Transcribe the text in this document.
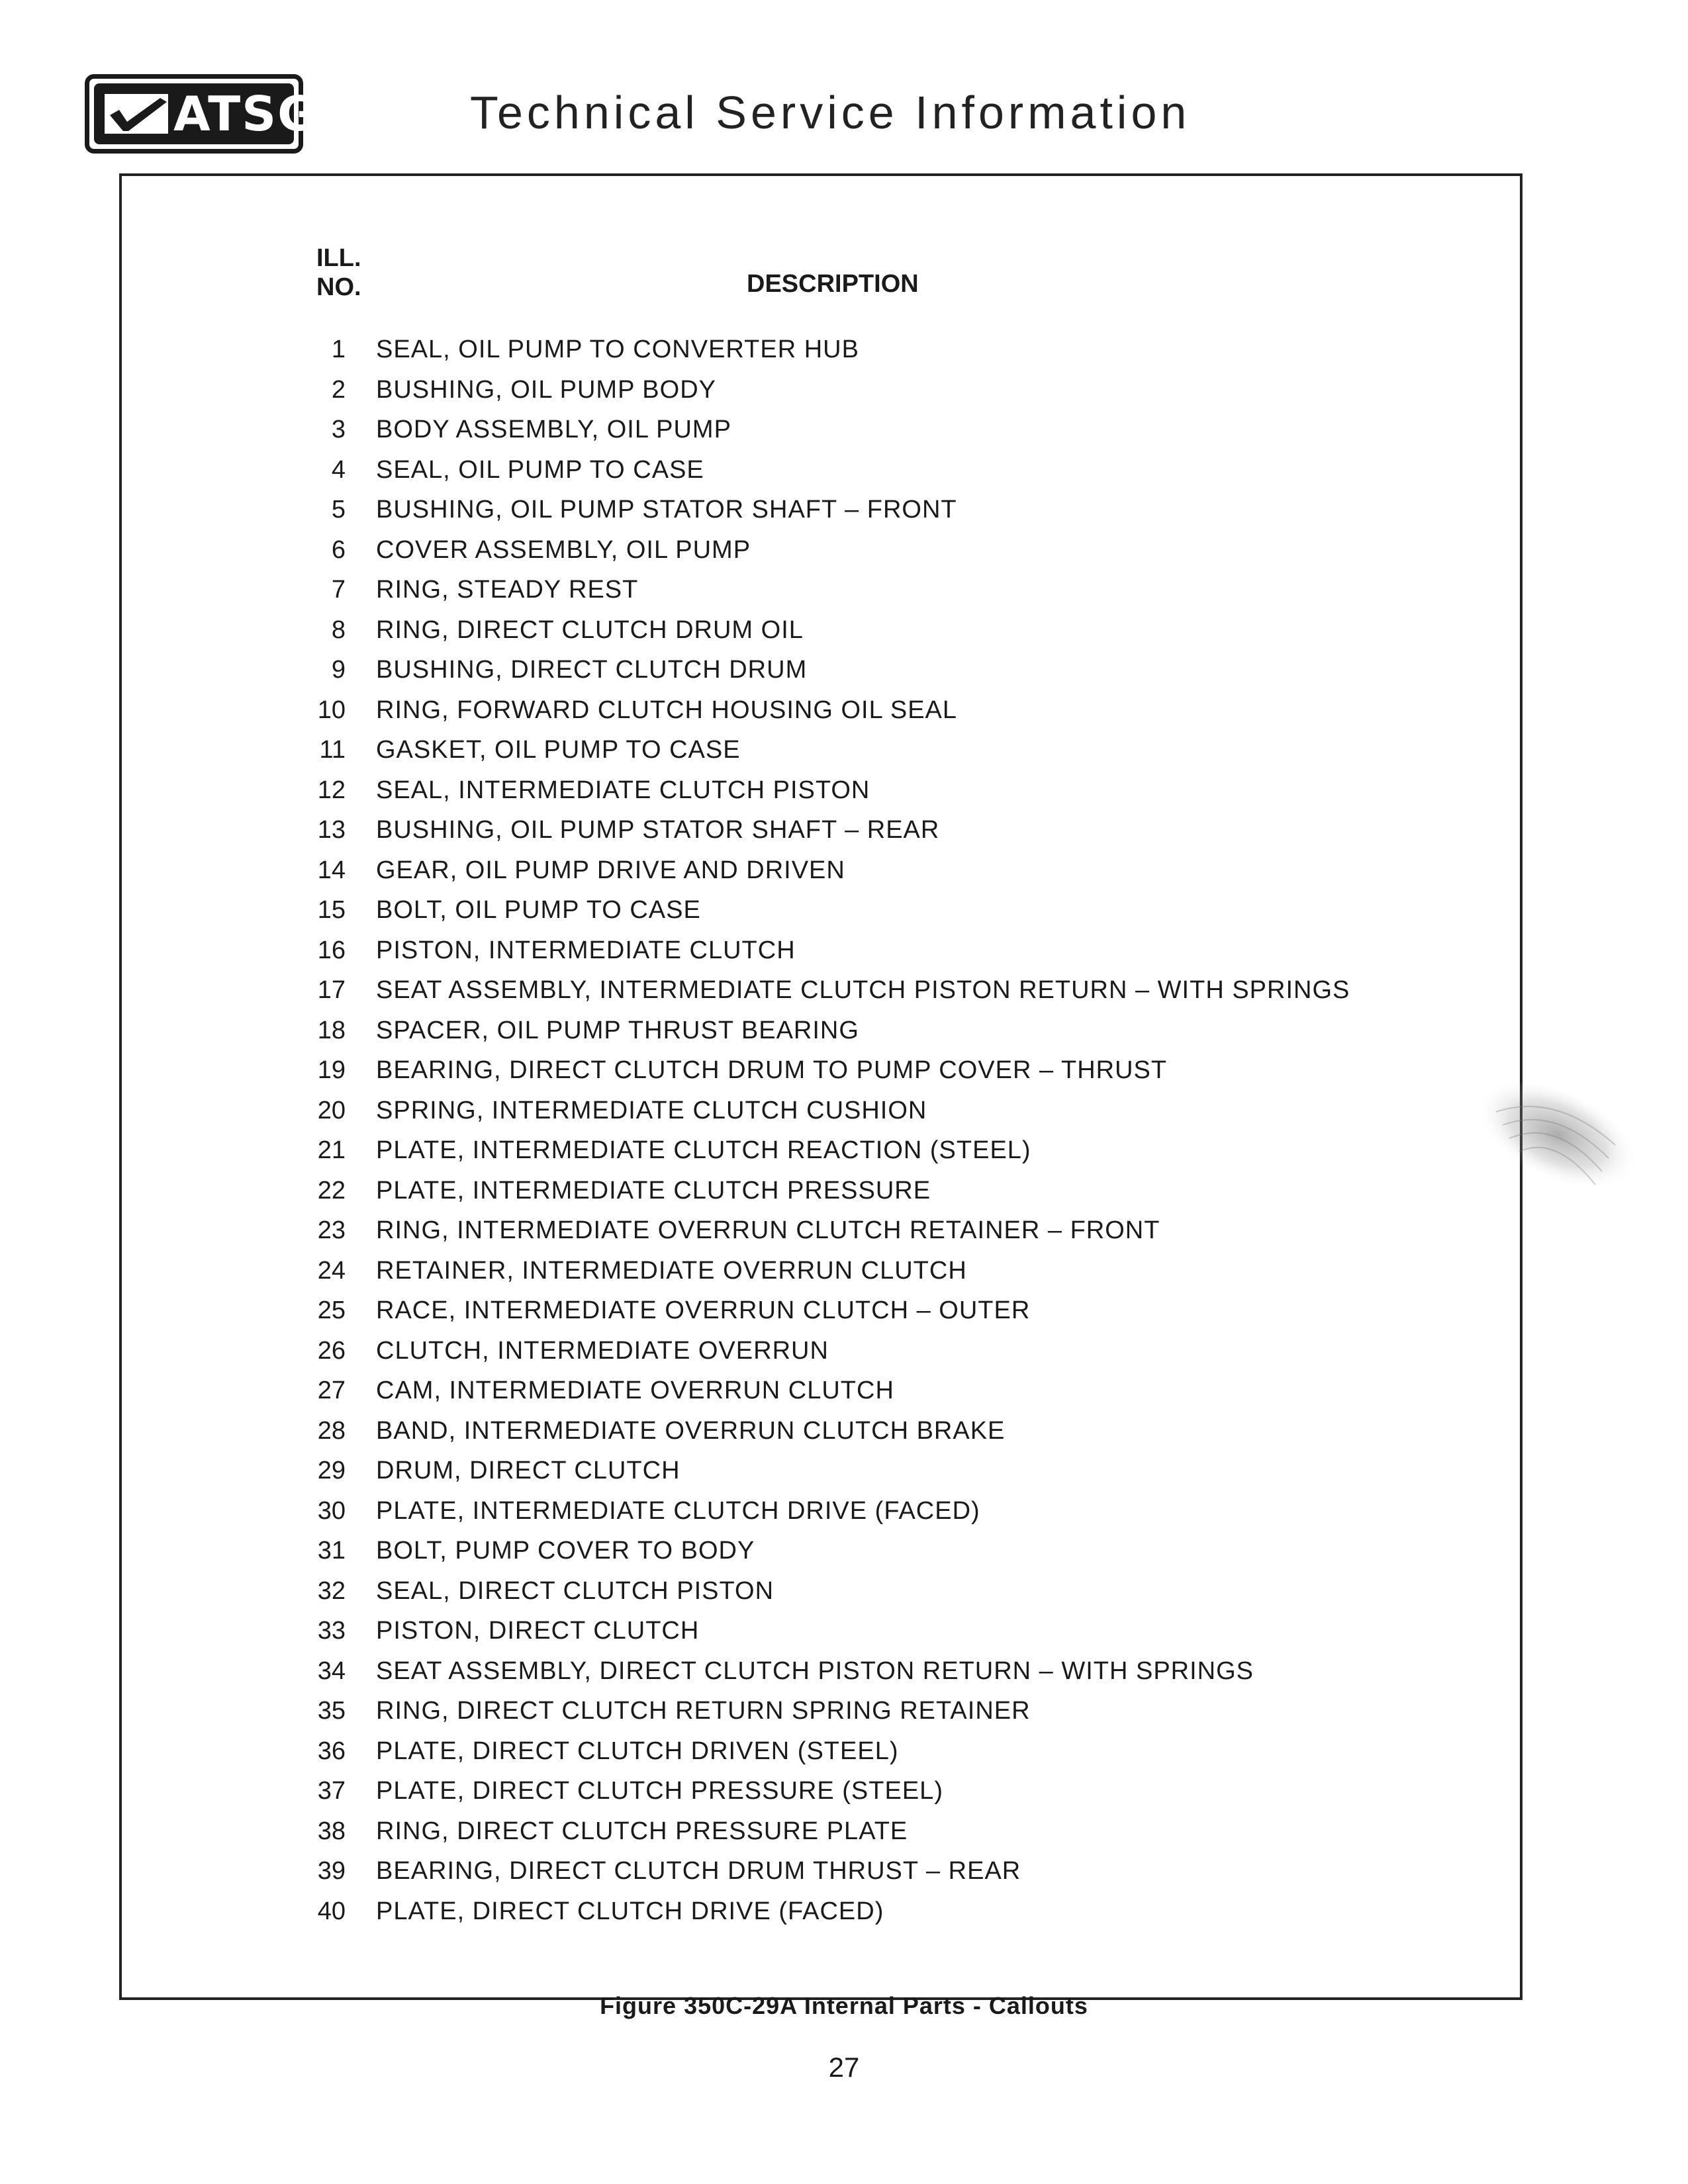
ATSG	Technical Service Information
ILL.
NO.	DESCRIPTION
1 SEAL, OIL PUMP TO CONVERTER HUB
2 BUSHING, OIL PUMP BODY
3 BODY ASSEMBLY, OIL PUMP
4 SEAL, OIL PUMP TO CASE
5 BUSHING, OIL PUMP STATOR SHAFT – FRONT
6 COVER ASSEMBLY, OIL PUMP
7 RING, STEADY REST
8 RING, DIRECT CLUTCH DRUM OIL
9 BUSHING, DIRECT CLUTCH DRUM
10 RING, FORWARD CLUTCH HOUSING OIL SEAL
11 GASKET, OIL PUMP TO CASE
12 SEAL, INTERMEDIATE CLUTCH PISTON
13 BUSHING, OIL PUMP STATOR SHAFT – REAR
14 GEAR, OIL PUMP DRIVE AND DRIVEN
15 BOLT, OIL PUMP TO CASE
16 PISTON, INTERMEDIATE CLUTCH
17 SEAT ASSEMBLY, INTERMEDIATE CLUTCH PISTON RETURN – WITH SPRINGS
18 SPACER, OIL PUMP THRUST BEARING
19 BEARING, DIRECT CLUTCH DRUM TO PUMP COVER – THRUST
20 SPRING, INTERMEDIATE CLUTCH CUSHION
21 PLATE, INTERMEDIATE CLUTCH REACTION (STEEL)
22 PLATE, INTERMEDIATE CLUTCH PRESSURE
23 RING, INTERMEDIATE OVERRUN CLUTCH RETAINER – FRONT
24 RETAINER, INTERMEDIATE OVERRUN CLUTCH
25 RACE, INTERMEDIATE OVERRUN CLUTCH – OUTER
26 CLUTCH, INTERMEDIATE OVERRUN
27 CAM, INTERMEDIATE OVERRUN CLUTCH
28 BAND, INTERMEDIATE OVERRUN CLUTCH BRAKE
29 DRUM, DIRECT CLUTCH
30 PLATE, INTERMEDIATE CLUTCH DRIVE (FACED)
31 BOLT, PUMP COVER TO BODY
32 SEAL, DIRECT CLUTCH PISTON
33 PISTON, DIRECT CLUTCH
34 SEAT ASSEMBLY, DIRECT CLUTCH PISTON RETURN – WITH SPRINGS
35 RING, DIRECT CLUTCH RETURN SPRING RETAINER
36 PLATE, DIRECT CLUTCH DRIVEN (STEEL)
37 PLATE, DIRECT CLUTCH PRESSURE (STEEL)
38 RING, DIRECT CLUTCH PRESSURE PLATE
39 BEARING, DIRECT CLUTCH DRUM THRUST – REAR
40 PLATE, DIRECT CLUTCH DRIVE (FACED)
Figure 350C-29A Internal Parts - Callouts
27
